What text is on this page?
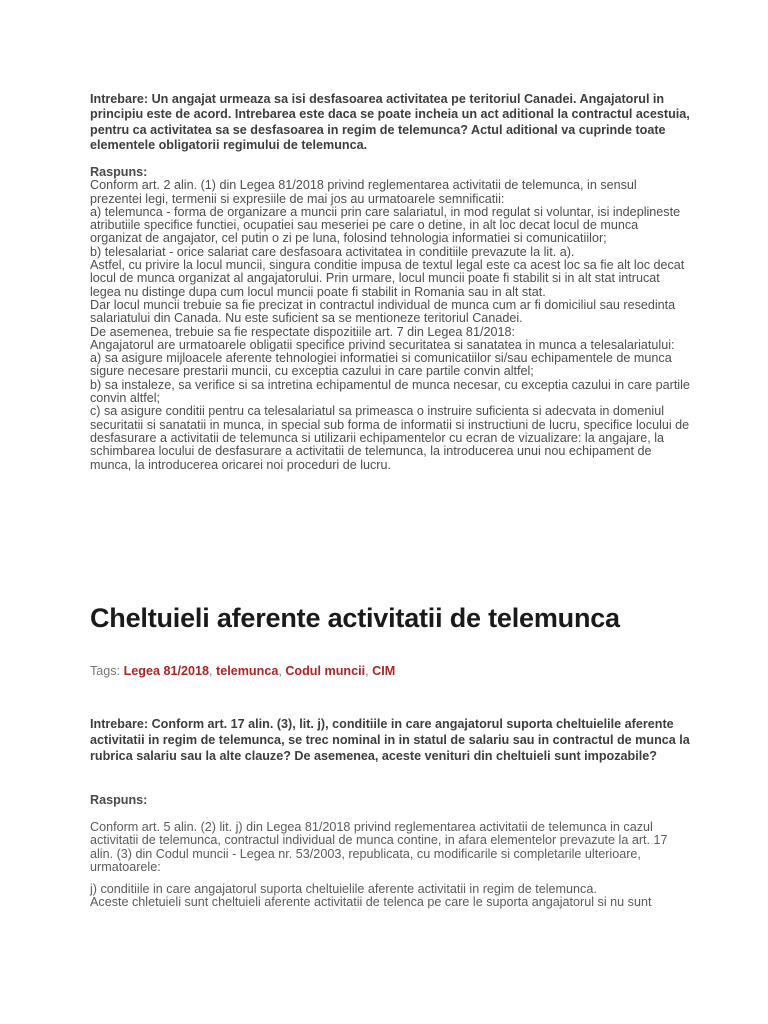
Intrebare: Un angajat urmeaza sa isi desfasoarea activitatea pe teritoriul Canadei. Angajatorul in principiu este de acord. Intrebarea este daca se poate incheia un act aditional la contractul acestuia, pentru ca activitatea sa se desfasoarea in regim de telemunca? Actul aditional va cuprinde toate elementele obligatorii regimului de telemunca.

Raspuns:

Conform art. 2 alin. (1) din Legea 81/2018 privind reglementarea activitatii de telemunca, in sensul prezentei legi, termenii si expresiile de mai jos au urmatoarele semnificatii:

a) telemunca - forma de organizare a muncii prin care salariatul, in mod regulat si voluntar, isi indeplineste atributiile specifice functiei, ocupatiei sau meseriei pe care o detine, in alt loc decat locul de munca organizat de angajator, cel putin o zi pe luna, folosind tehnologia informatiei si comunicatiilor;

b) telesalariat - orice salariat care desfasoara activitatea in conditiile prevazute la lit. a).

Astfel, cu privire la locul muncii, singura conditie impusa de textul legal este ca acest loc sa fie alt loc decat locul de munca organizat al angajatorului. Prin urmare, locul muncii poate fi stabilit si in alt stat intrucat legea nu distinge dupa cum locul muncii poate fi stabilit in Romania sau in alt stat.

Dar locul muncii trebuie sa fie precizat in contractul individual de munca cum ar fi domiciliul sau resedinta salariatului din Canada. Nu este suficient sa se mentioneze teritoriul Canadei.

De asemenea, trebuie sa fie respectate dispozitiile art. 7 din Legea 81/2018:

Angajatorul are urmatoarele obligatii specifice privind securitatea si sanatatea in munca a telesalariatului:

a) sa asigure mijloacele aferente tehnologiei informatiei si comunicatiilor si/sau echipamentele de munca sigure necesare prestarii muncii, cu exceptia cazului in care partile convin altfel;

b) sa instaleze, sa verifice si sa intretina echipamentul de munca necesar, cu exceptia cazului in care partile convin altfel;

c) sa asigure conditii pentru ca telesalariatul sa primeasca o instruire suficienta si adecvata in domeniul securitatii si sanatatii in munca, in special sub forma de informatii si instructiuni de lucru, specifice locului de desfasurare a activitatii de telemunca si utilizarii echipamentelor cu ecran de vizualizare: la angajare, la schimbarea locului de desfasurare a activitatii de telemunca, la introducerea unui nou echipament de munca, la introducerea oricarei noi proceduri de lucru.

Cheltuieli aferente activitatii de telemunca
Tags: Legea 81/2018, telemunca, Codul muncii, CIM
Intrebare: Conform art. 17 alin. (3), lit. j), conditiile in care angajatorul suporta cheltuielile aferente activitatii in regim de telemunca, se trec nominal in in statul de salariu sau in contractul de munca la rubrica salariu sau la alte clauze? De asemenea, aceste venituri din cheltuieli sunt impozabile?
Raspuns:

Conform art. 5 alin. (2) lit. j) din Legea 81/2018 privind reglementarea activitatii de telemunca in cazul activitatii de telemunca, contractul individual de munca contine, in afara elementelor prevazute la art. 17 alin. (3) din Codul muncii - Legea nr. 53/2003, republicata, cu modificarile si completarile ulterioare, urmatoarele:

j) conditiile in care angajatorul suporta cheltuielile aferente activitatii in regim de telemunca.
Aceste chletuieli sunt cheltuieli aferente activitatii de telenca pe care le suporta angajatorul si nu sunt
